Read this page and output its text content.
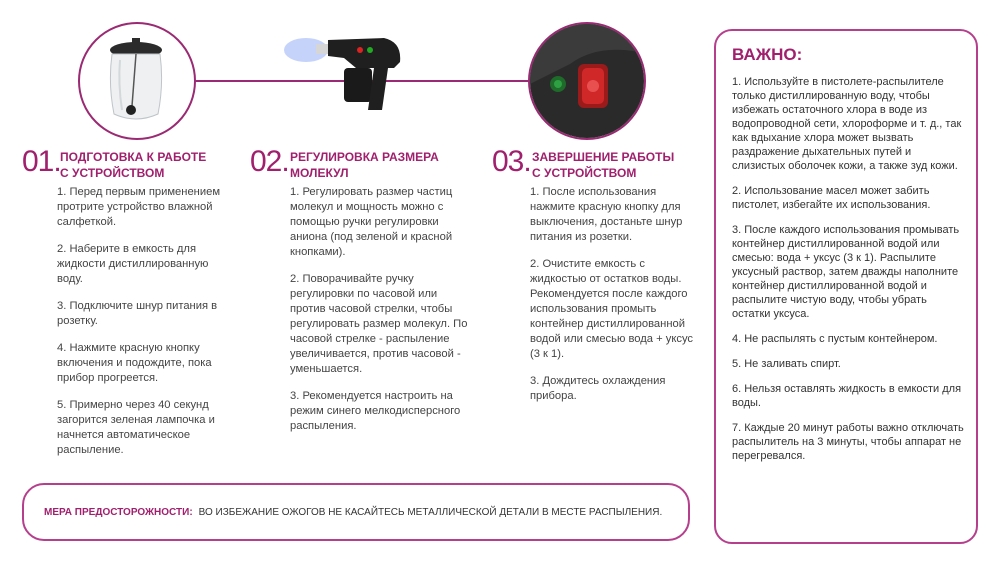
01. ПОДГОТОВКА К РАБОТЕ
С УСТРОЙСТВОМ

1. Перед первым применением протрите устройство влажной салфеткой.

2. Наберите в емкость для жидкости дистиллированную воду.

3. Подключите шнур питания в розетку.

4. Нажмите красную кнопку включения и подождите, пока прибор прогреется.

5. Примерно через 40 секунд загорится зеленая лампочка и начнется автоматическое распыление.

02. РЕГУЛИРОВКА РАЗМЕРА
МОЛЕКУЛ

1. Регулировать размер частиц молекул и мощность можно с помощью ручки регулировки аниона (под зеленой и красной кнопками).

2. Поворачивайте ручку регулировки по часовой или против часовой стрелки, чтобы регулировать размер молекул. По часовой стрелке - распыление увеличивается, против часовой - уменьшается.

3. Рекомендуется настроить на режим синего мелкодисперсного распыления.

03. ЗАВЕРШЕНИЕ РАБОТЫ
С УСТРОЙСТВОМ

1. После использования нажмите красную кнопку для выключения, достаньте шнур питания из розетки.

2. Очистите емкость с жидкостью от остатков воды. Рекомендуется после каждого использования промыть контейнер дистиллированной водой или смесью вода + уксус (3 к 1).

3. Дождитесь охлаждения прибора.

МЕРА ПРЕДОСТОРОЖНОСТИ: ВО ИЗБЕЖАНИЕ ОЖОГОВ НЕ КАСАЙТЕСЬ МЕТАЛЛИЧЕСКОЙ ДЕТАЛИ В МЕСТЕ РАСПЫЛЕНИЯ.
ВАЖНО:

1. Используйте в пистолете-распылителе только дистиллированную воду, чтобы избежать остаточного хлора в воде из водопроводной сети, хлороформе и т. д., так как вдыхание хлора может вызвать раздражение дыхательных путей и слизистых оболочек кожи, а также зуд кожи.

2. Использование масел может забить пистолет, избегайте их использования.

3. После каждого использования промывать контейнер дистиллированной водой или смесью: вода + уксус (3 к 1). Распылите уксусный раствор, затем дважды наполните контейнер дистиллированной водой и распылите чистую воду, чтобы убрать остатки уксуса.

4. Не распылять с пустым контейнером.

5. Не заливать спирт.

6. Нельзя оставлять жидкость в емкости для воды.

7. Каждые 20 минут работы важно отключать распылитель на 3 минуты, чтобы аппарат не перегревался.
